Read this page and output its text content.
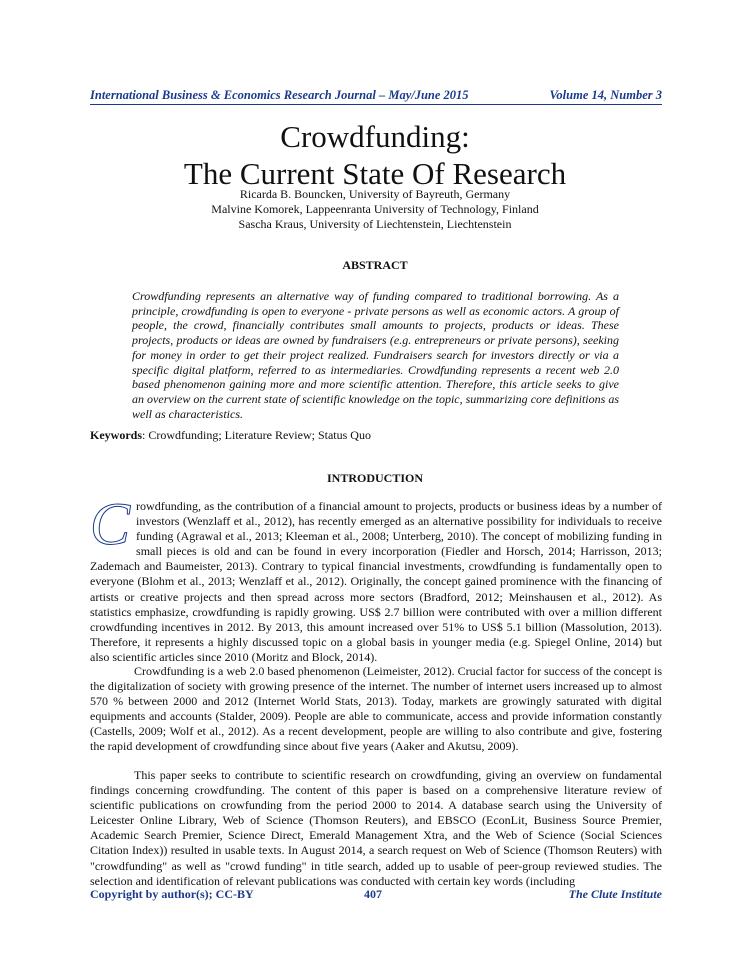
International Business & Economics Research Journal – May/June 2015	Volume 14, Number 3
Crowdfunding:
The Current State Of Research
Ricarda B. Bouncken, University of Bayreuth, Germany
Malvine Komorek, Lappeenranta University of Technology, Finland
Sascha Kraus, University of Liechtenstein, Liechtenstein
ABSTRACT

Crowdfunding represents an alternative way of funding compared to traditional borrowing. As a principle, crowdfunding is open to everyone - private persons as well as economic actors. A group of people, the crowd, financially contributes small amounts to projects, products or ideas. These projects, products or ideas are owned by fundraisers (e.g. entrepreneurs or private persons), seeking for money in order to get their project realized. Fundraisers search for investors directly or via a specific digital platform, referred to as intermediaries. Crowdfunding represents a recent web 2.0 based phenomenon gaining more and more scientific attention. Therefore, this article seeks to give an overview on the current state of scientific knowledge on the topic, summarizing core definitions as well as characteristics.

Keywords: Crowdfunding; Literature Review; Status Quo
INTRODUCTION
Crowdfunding, as the contribution of a financial amount to projects, products or business ideas by a number of investors (Wenzlaff et al., 2012), has recently emerged as an alternative possibility for individuals to receive funding (Agrawal et al., 2013; Kleeman et al., 2008; Unterberg, 2010). The concept of mobilizing funding in small pieces is old and can be found in every incorporation (Fiedler and Horsch, 2014; Harrisson, 2013; Zademach and Baumeister, 2013). Contrary to typical financial investments, crowdfunding is fundamentally open to everyone (Blohm et al., 2013; Wenzlaff et al., 2012). Originally, the concept gained prominence with the financing of artists or creative projects and then spread across more sectors (Bradford, 2012; Meinshausen et al., 2012). As statistics emphasize, crowdfunding is rapidly growing. US$ 2.7 billion were contributed with over a million different crowdfunding incentives in 2012. By 2013, this amount increased over 51% to US$ 5.1 billion (Massolution, 2013). Therefore, it represents a highly discussed topic on a global basis in younger media (e.g. Spiegel Online, 2014) but also scientific articles since 2010 (Moritz and Block, 2014).

Crowdfunding is a web 2.0 based phenomenon (Leimeister, 2012). Crucial factor for success of the concept is the digitalization of society with growing presence of the internet. The number of internet users increased up to almost 570 % between 2000 and 2012 (Internet World Stats, 2013). Today, markets are growingly saturated with digital equipments and accounts (Stalder, 2009). People are able to communicate, access and provide information constantly (Castells, 2009; Wolf et al., 2012). As a recent development, people are willing to also contribute and give, fostering the rapid development of crowdfunding since about five years (Aaker and Akutsu, 2009).

This paper seeks to contribute to scientific research on crowdfunding, giving an overview on fundamental findings concerning crowdfunding. The content of this paper is based on a comprehensive literature review of scientific publications on crowfunding from the period 2000 to 2014. A database search using the University of Leicester Online Library, Web of Science (Thomson Reuters), and EBSCO (EconLit, Business Source Premier, Academic Search Premier, Science Direct, Emerald Management Xtra, and the Web of Science (Social Sciences Citation Index)) resulted in usable texts. In August 2014, a search request on Web of Science (Thomson Reuters) with "crowdfunding" as well as "crowd funding" in title search, added up to usable of peer-group reviewed studies. The selection and identification of relevant publications was conducted with certain key words (including

Copyright by author(s); CC-BY	407	The Clute Institute
